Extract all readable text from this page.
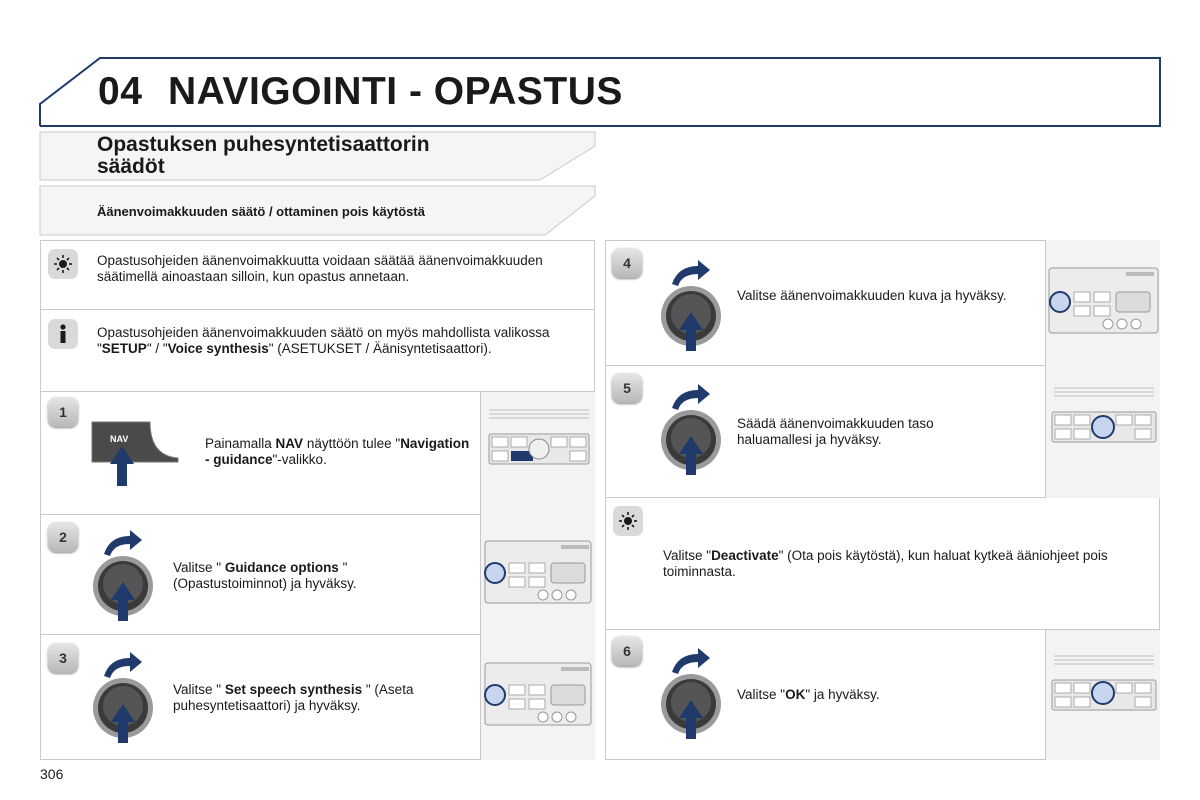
04 NAVIGOINTI - OPASTUS
Opastuksen puhesyntetisaattorin
säädöt
Äänenvoimakkuuden säätö / ottaminen pois käytöstä
Opastusohjeiden äänenvoimakkuutta voidaan säätää äänenvoimakkuuden säätimellä ainoastaan silloin, kun opastus annetaan.
Opastusohjeiden äänenvoimakkuuden säätö on myös mahdollista valikossa "SETUP" / "Voice synthesis" (ASETUKSET / Äänisyntetisaattori).
1
NAV	Painamalla NAV näyttöön tulee "Navigation - guidance"-valikko.
2
Valitse " Guidance options " (Opastustoiminnot) ja hyväksy.
3
Valitse " Set speech synthesis " (Aseta puhesyntetisaattori) ja hyväksy.
4
Valitse äänenvoimakkuuden kuva ja hyväksy.
5
Säädä äänenvoimakkuuden taso haluamallesi ja hyväksy.
Valitse "Deactivate" (Ota pois käytöstä), kun haluat kytkeä ääniohjeet pois toiminnasta.
6
Valitse "OK" ja hyväksy.
306
